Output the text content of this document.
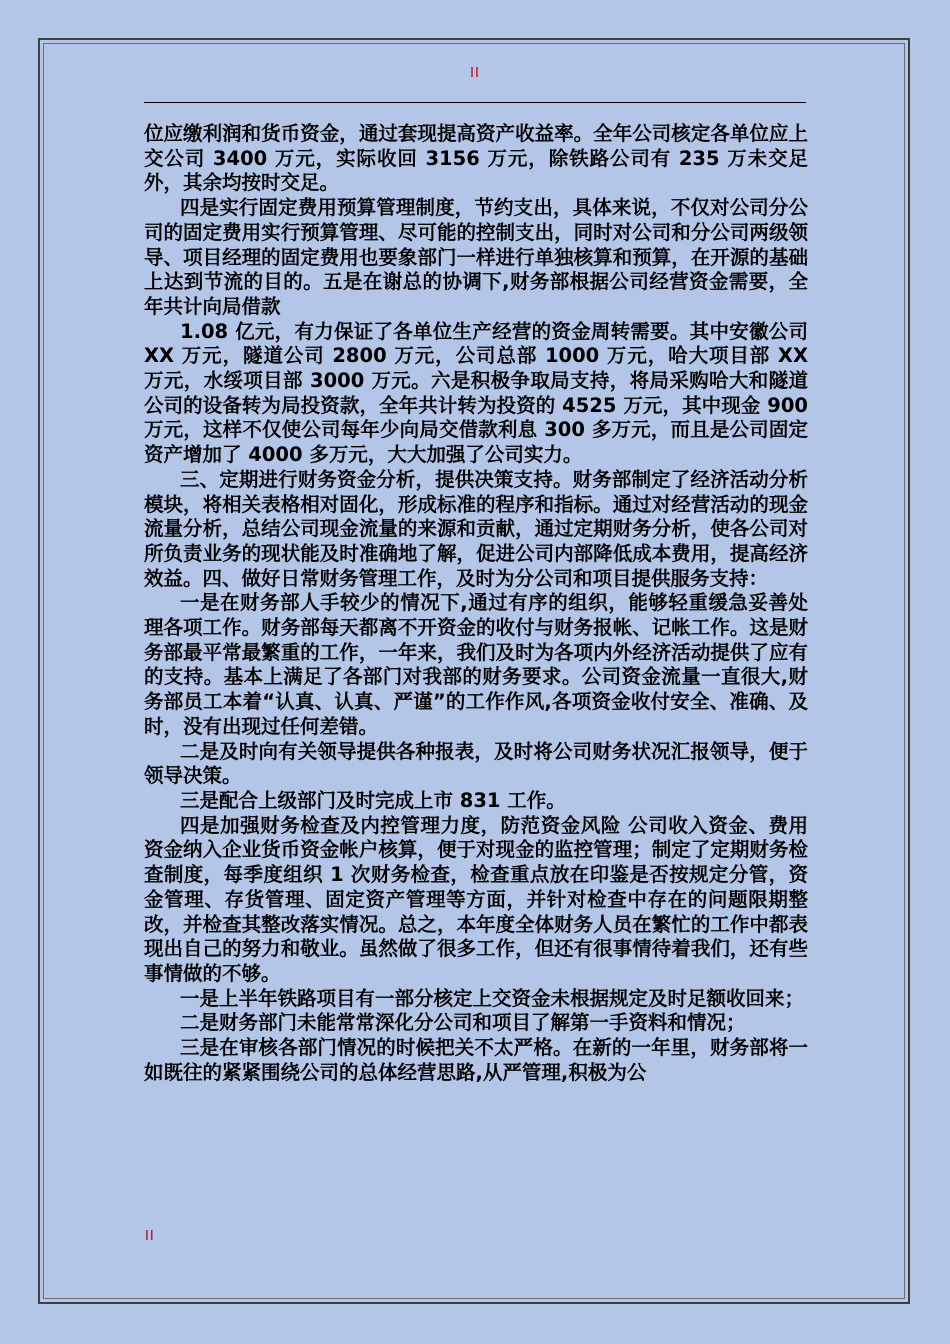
II

位应缴利润和货币资金，通过套现提高资产收益率。全年公司核定各单位应上交公司 3400 万元，实际收回 3156 万元，除铁路公司有 235 万未交足外，其余均按时交足。

四是实行固定费用预算管理制度，节约支出，具体来说，不仅对公司分公司的固定费用实行预算管理、尽可能的控制支出，同时对公司和分公司两级领导、项目经理的固定费用也要象部门一样进行单独核算和预算，在开源的基础上达到节流的目的。五是在谢总的协调下,财务部根据公司经营资金需要，全年共计向局借款

1.08 亿元，有力保证了各单位生产经营的资金周转需要。其中安徽公司 XX 万元，隧道公司 2800 万元，公司总部 1000 万元，哈大项目部 XX 万元，水绥项目部 3000 万元。六是积极争取局支持，将局采购哈大和隧道公司的设备转为局投资款，全年共计转为投资的 4525 万元，其中现金 900 万元，这样不仅使公司每年少向局交借款利息 300 多万元，而且是公司固定资产增加了 4000 多万元，大大加强了公司实力。

三、定期进行财务资金分析，提供决策支持。财务部制定了经济活动分析模块，将相关表格相对固化，形成标准的程序和指标。通过对经营活动的现金流量分析，总结公司现金流量的来源和贡献，通过定期财务分析，使各公司对所负责业务的现状能及时准确地了解，促进公司内部降低成本费用，提高经济效益。四、做好日常财务管理工作，及时为分公司和项目提供服务支持：

一是在财务部人手较少的情况下,通过有序的组织，能够轻重缓急妥善处理各项工作。财务部每天都离不开资金的收付与财务报帐、记帐工作。这是财务部最平常最繁重的工作，一年来，我们及时为各项内外经济活动提供了应有的支持。基本上满足了各部门对我部的财务要求。公司资金流量一直很大,财务部员工本着“认真、认真、严谨”的工作作风,各项资金收付安全、准确、及时，没有出现过任何差错。

二是及时向有关领导提供各种报表，及时将公司财务状况汇报领导，便于领导决策。

三是配合上级部门及时完成上市 831 工作。

四是加强财务检查及内控管理力度，防范资金风险 公司收入资金、费用资金纳入企业货币资金帐户核算，便于对现金的监控管理；制定了定期财务检查制度，每季度组织 1 次财务检查，检查重点放在印鉴是否按规定分管，资金管理、存货管理、固定资产管理等方面，并针对检查中存在的问题限期整改，并检查其整改落实情况。总之，本年度全体财务人员在繁忙的工作中都表现出自己的努力和敬业。虽然做了很多工作，但还有很事情待着我们，还有些事情做的不够。

一是上半年铁路项目有一部分核定上交资金未根据规定及时足额收回来；

二是财务部门未能常常深化分公司和项目了解第一手资料和情况；

三是在审核各部门情况的时候把关不太严格。在新的一年里，财务部将一如既往的紧紧围绕公司的总体经营思路,从严管理,积极为公

II
